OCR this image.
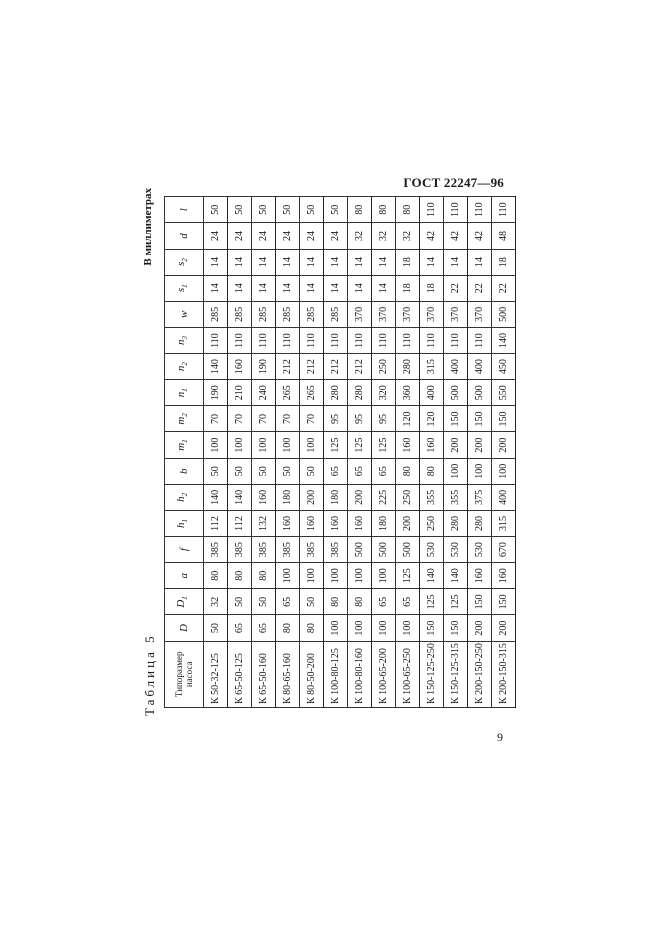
ГОСТ 22247—96
Таблица 5
В миллиметрах
Типоразмер насоса	D	$D_1$	a	f	$h_1$	$h_2$	b	$m_1$	$m_2$	$n_1$	$n_2$	$n_3$	w	$s_1$	$s_2$	d	l
К 50-32-125	50	32	80	385	112	140	50	100	70	190	140	110	285	14	14	24	50
К 65-50-125	65	50	80	385	112	140	50	100	70	210	160	110	285	14	14	24	50
К 65-50-160	65	50	80	385	132	160	50	100	70	240	190	110	285	14	14	24	50
К 80-65-160	80	65	100	385	160	180	50	100	70	265	212	110	285	14	14	24	50
К 80-50-200	80	50	100	385	160	200	50	100	70	265	212	110	285	14	14	24	50
К 100-80-125	100	80	100	385	160	180	65	125	95	280	212	110	285	14	14	24	50
К 100-80-160	100	80	100	500	160	200	65	125	95	280	212	110	370	14	14	32	80
К 100-65-200	100	65	100	500	180	225	65	125	95	320	250	110	370	14	14	32	80
К 100-65-250	100	65	125	500	200	250	80	160	120	360	280	110	370	18	18	32	80
К 150-125-250	150	125	140	530	250	355	80	160	120	400	315	110	370	18	14	42	110
К 150-125-315	150	125	140	530	280	355	100	200	150	500	400	110	370	22	14	42	110
К 200-150-250	200	150	160	530	280	375	100	200	150	500	400	110	370	22	14	42	110
К 200-150-315	200	150	160	670	315	400	100	200	150	550	450	140	500	22	18	48	110
9
